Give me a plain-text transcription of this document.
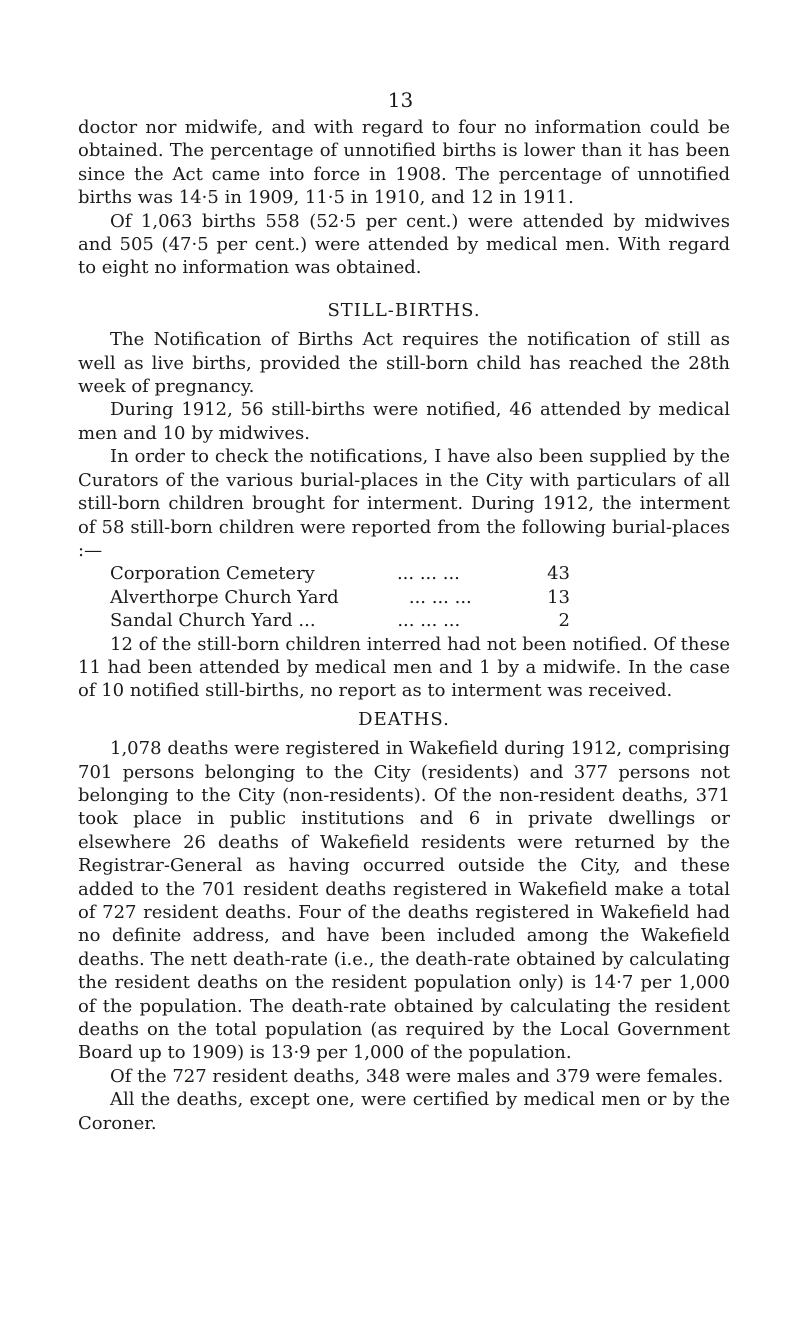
13

doctor nor midwife, and with regard to four no information could be obtained. The percentage of unnotified births is lower than it has been since the Act came into force in 1908. The percentage of unnotified births was 14·5 in 1909, 11·5 in 1910, and 12 in 1911.

Of 1,063 births 558 (52·5 per cent.) were attended by midwives and 505 (47·5 per cent.) were attended by medical men. With regard to eight no information was obtained.

STILL-BIRTHS.

The Notification of Births Act requires the notification of still as well as live births, provided the still-born child has reached the 28th week of pregnancy.

During 1912, 56 still-births were notified, 46 attended by medical men and 10 by midwives.

In order to check the notifications, I have also been supplied by the Curators of the various burial-places in the City with particulars of all still-born children brought for interment. During 1912, the interment of 58 still-born children were reported from the following burial-places :—

Corporation Cemetery	... ... ...	43
Alverthorpe Church Yard	... ... ...	13
Sandal Church Yard ...	... ... ...	2

12 of the still-born children interred had not been notified. Of these 11 had been attended by medical men and 1 by a midwife. In the case of 10 notified still-births, no report as to interment was received.

DEATHS.

1,078 deaths were registered in Wakefield during 1912, comprising 701 persons belonging to the City (residents) and 377 persons not belonging to the City (non-residents). Of the non-resident deaths, 371 took place in public institutions and 6 in private dwellings or elsewhere 26 deaths of Wakefield residents were returned by the Registrar-General as having occurred outside the City, and these added to the 701 resident deaths registered in Wakefield make a total of 727 resident deaths. Four of the deaths registered in Wakefield had no definite address, and have been included among the Wakefield deaths. The nett death-rate (i.e., the death-rate obtained by calculating the resident deaths on the resident population only) is 14·7 per 1,000 of the population. The death-rate obtained by calculating the resident deaths on the total population (as required by the Local Government Board up to 1909) is 13·9 per 1,000 of the population.

Of the 727 resident deaths, 348 were males and 379 were females.

All the deaths, except one, were certified by medical men or by the Coroner.
